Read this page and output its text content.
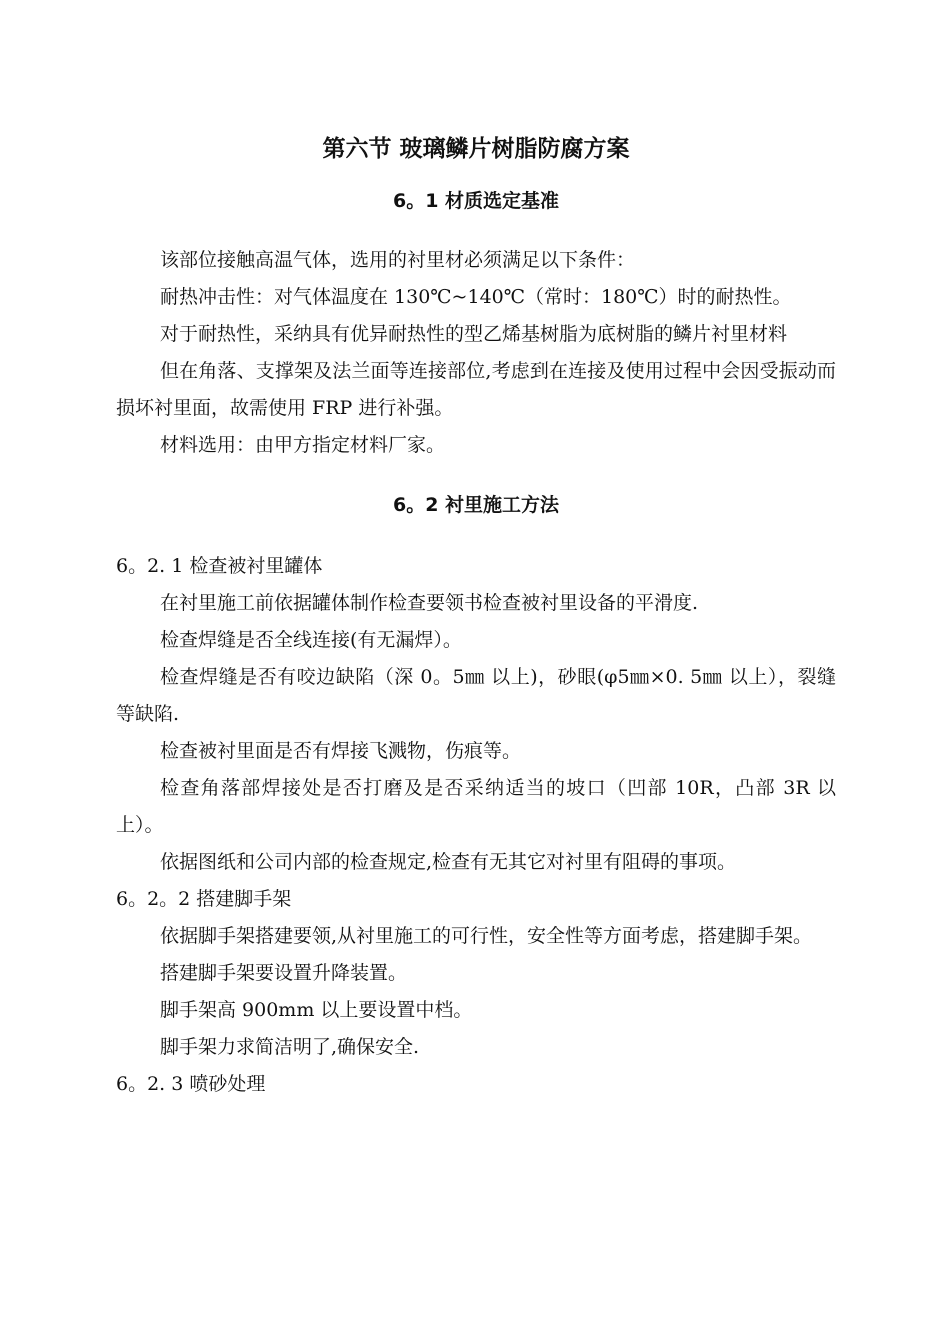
第六节 玻璃鳞片树脂防腐方案
6。1 材质选定基准

该部位接触高温气体，选用的衬里材必须满足以下条件：

耐热冲击性：对气体温度在 130℃~140℃（常时：180℃）时的耐热性。

对于耐热性，采纳具有优异耐热性的型乙烯基树脂为底树脂的鳞片衬里材料

但在角落、支撑架及法兰面等连接部位,考虑到在连接及使用过程中会因受振动而损坏衬里面，故需使用 FRP 进行补强。

材料选用：由甲方指定材料厂家。

6。2 衬里施工方法

6。2. 1 检查被衬里罐体

在衬里施工前依据罐体制作检查要领书检查被衬里设备的平滑度.

检查焊缝是否全线连接(有无漏焊）。

检查焊缝是否有咬边缺陷（深 0。5㎜ 以上)，砂眼(φ5㎜×0. 5㎜ 以上），裂缝等缺陷.

检查被衬里面是否有焊接飞溅物，伤痕等。

检查角落部焊接处是否打磨及是否采纳适当的坡口（凹部 10R，凸部 3R 以上）。

依据图纸和公司内部的检查规定,检查有无其它对衬里有阻碍的事项。

6。2。2 搭建脚手架

依据脚手架搭建要领,从衬里施工的可行性，安全性等方面考虑，搭建脚手架。

搭建脚手架要设置升降装置。

脚手架高 900mm 以上要设置中档。

脚手架力求简洁明了,确保安全.

6。2. 3 喷砂处理
